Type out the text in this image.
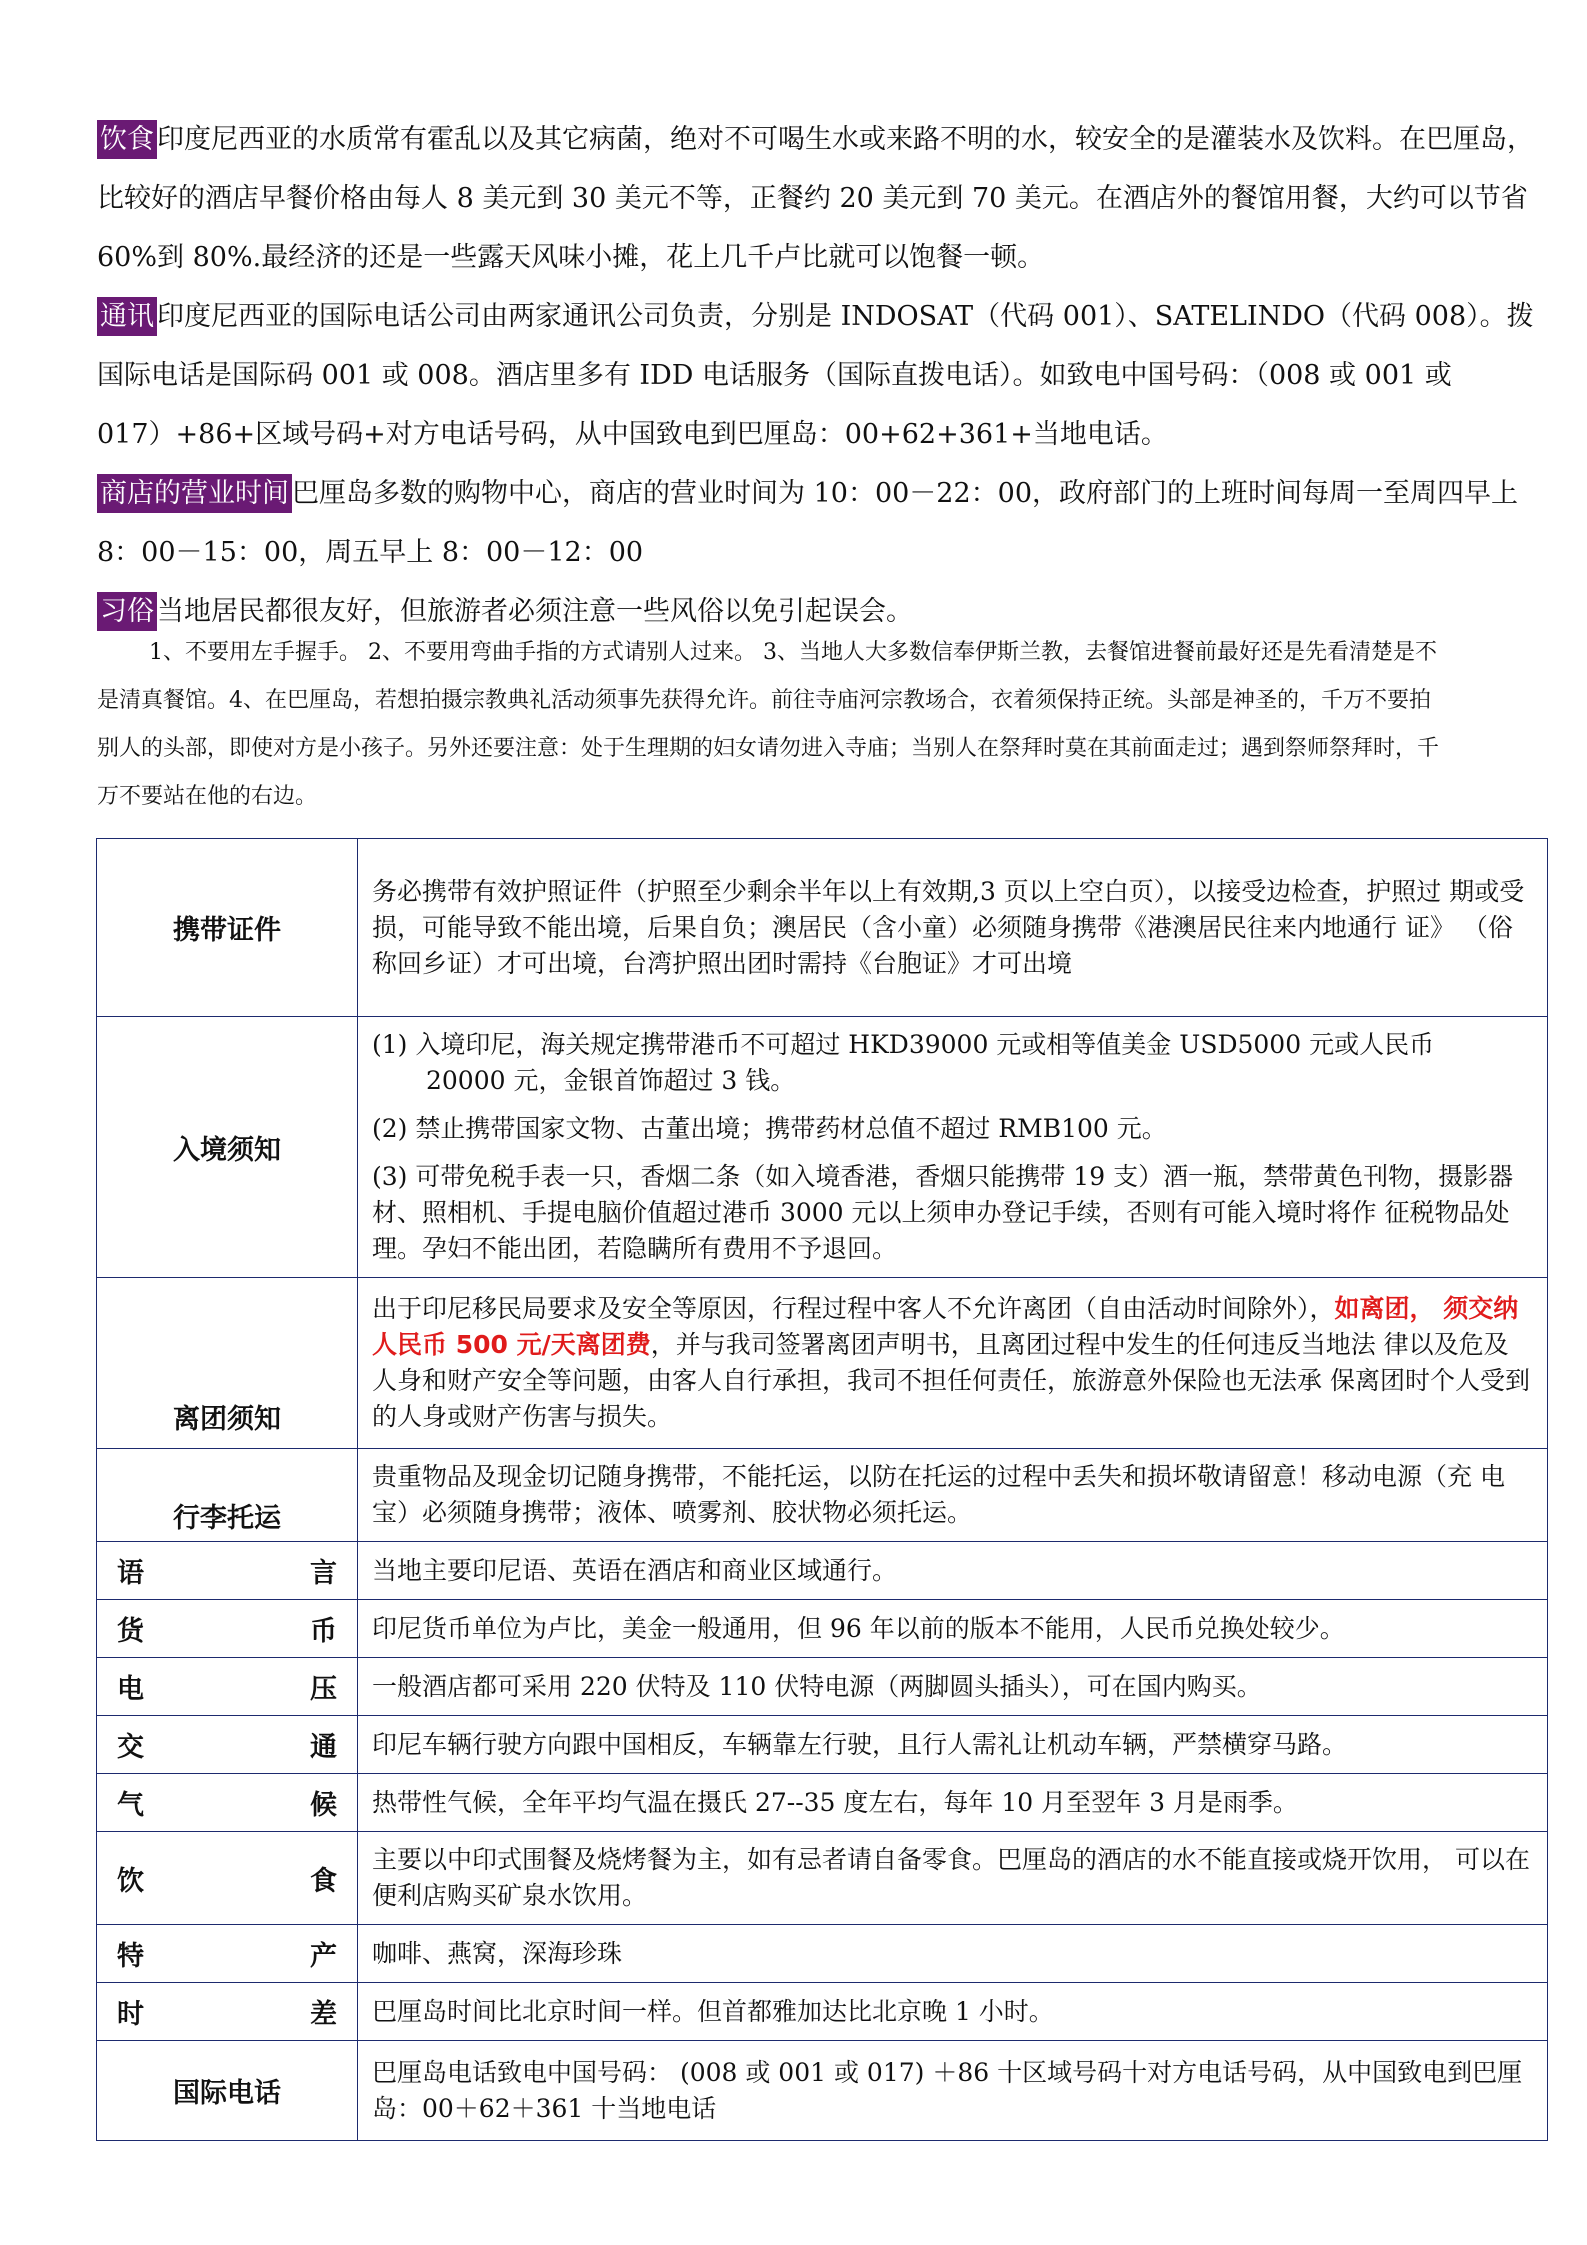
饮食 印度尼西亚的水质常有霍乱以及其它病菌，绝对不可喝生水或来路不明的水，较安全的是灌装水及饮料。在巴厘岛，比较好的酒店早餐价格由每人 8 美元到 30 美元不等，正餐约 20 美元到 70 美元。在酒店外的餐馆用餐，大约可以节省 60%到 80%.最经济的还是一些露天风味小摊，花上几千卢比就可以饱餐一顿。
通讯 印度尼西亚的国际电话公司由两家通讯公司负责，分别是 INDOSAT（代码 001）、SATELINDO（代码 008）。拨国际电话是国际码 001 或 008。酒店里多有 IDD 电话服务（国际直拨电话）。如致电中国号码：（008 或 001 或 017）+86+区域号码+对方电话号码，从中国致电到巴厘岛：00+62+361+当地电话。
商店的营业时间 巴厘岛多数的购物中心，商店的营业时间为 10：00－22：00，政府部门的上班时间每周一至周四早上 8：00－15：00，周五早上 8：00－12：00
习俗 当地居民都很友好，但旅游者必须注意一些风俗以免引起误会。
1、不要用左手握手。 2、不要用弯曲手指的方式请别人过来。 3、当地人大多数信奉伊斯兰教，去餐馆进餐前最好还是先看清楚是不是清真餐馆。4、在巴厘岛，若想拍摄宗教典礼活动须事先获得允许。前往寺庙河宗教场合，衣着须保持正统。头部是神圣的，千万不要拍别人的头部，即使对方是小孩子。另外还要注意：处于生理期的妇女请勿进入寺庙；当别人在祭拜时莫在其前面走过；遇到祭师祭拜时，千万不要站在他的右边。
携带证件	务必携带有效护照证件（护照至少剩余半年以上有效期,3 页以上空白页），以接受边检查，护照过 期或受损，可能导致不能出境，后果自负；澳居民（含小童）必须随身携带《港澳居民往来内地通行 证》 （俗称回乡证）才可出境，台湾护照出团时需持《台胞证》才可出境
入境须知	(1) 入境印尼，海关规定携带港币不可超过 HKD39000 元或相等值美金 USD5000 元或人民币
20000 元，金银首饰超过 3 钱。
(2) 禁止携带国家文物、古董出境；携带药材总值不超过 RMB100 元。
(3) 可带免税手表一只，香烟二条（如入境香港，香烟只能携带 19 支）酒一瓶，禁带黄色刊物，摄影器材、照相机、手提电脑价值超过港币 3000 元以上须申办登记手续，否则有可能入境时将作 征税物品处理。孕妇不能出团，若隐瞒所有费用不予退回。

离团须知	出于印尼移民局要求及安全等原因，行程过程中客人不允许离团（自由活动时间除外），如离团， 须交纳人民币 500 元/天离团费，并与我司签署离团声明书，且离团过程中发生的任何违反当地法 律以及危及人身和财产安全等问题，由客人自行承担，我司不担任何责任，旅游意外保险也无法承 保离团时个人受到的人身或财产伤害与损失。
行李托运	贵重物品及现金切记随身携带，不能托运，以防在托运的过程中丢失和损坏敬请留意！移动电源（充 电宝）必须随身携带；液体、喷雾剂、胶状物必须托运。

语 言	当地主要印尼语、英语在酒店和商业区域通行。

货 币	印尼货币单位为卢比，美金一般通用，但 96 年以前的版本不能用，人民币兑换处较少。

电 压	一般酒店都可采用 220 伏特及 110 伏特电源（两脚圆头插头），可在国内购买。

交 通	印尼车辆行驶方向跟中国相反，车辆靠左行驶，且行人需礼让机动车辆，严禁横穿马路。

气 候	热带性气候，全年平均气温在摄氏 27--35 度左右，每年 10 月至翌年 3 月是雨季。

饮 食	主要以中印式围餐及烧烤餐为主，如有忌者请自备零食。巴厘岛的酒店的水不能直接或烧开饮用， 可以在便利店购买矿泉水饮用。

特 产	咖啡、燕窝，深海珍珠

时 差	巴厘岛时间比北京时间一样。但首都雅加达比北京晚 1 小时。
国际电话	巴厘岛电话致电中国号码： (008 或 001 或 017) ＋86 十区域号码十对方电话号码，从中国致电到巴厘岛：00＋62＋361 十当地电话
